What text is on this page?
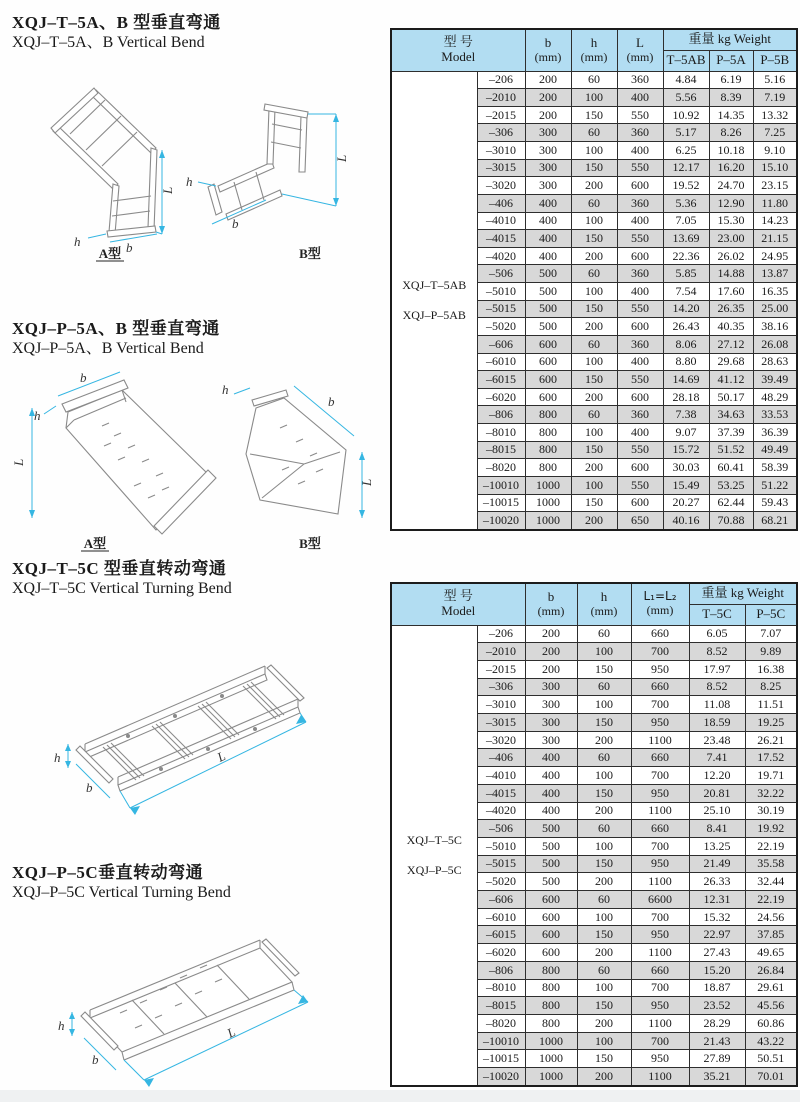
XQJ–T–5A、B 型垂直弯通
XQJ–T–5A、B Vertical Bend
XQJ–P–5A、B 型垂直弯通
XQJ–P–5A、B Vertical Bend
XQJ–T–5C 型垂直转动弯通
XQJ–T–5C Vertical Turning Bend
XQJ–P–5C垂直转动弯通
XQJ–P–5C Vertical Turning Bend
L
b
h
L
h
b
A型	B型
L
b
h
h
b
L
A型	B型
h
b
L
h
b
L
型 号
Model

b
(mm)

h
(mm)

L
(mm)
	重量 kg Weight
					T–5AB	P–5A	P–5B

XQJ–T–5AB
XQJ–P–5AB	–206	200	60	360	4.84	6.19	5.16
	–2010	200	100	400	5.56	8.39	7.19
	–2015	200	150	550	10.92	14.35	13.32
	–306	300	60	360	5.17	8.26	7.25
	–3010	300	100	400	6.25	10.18	9.10
	–3015	300	150	550	12.17	16.20	15.10
	–3020	300	200	600	19.52	24.70	23.15
	–406	400	60	360	5.36	12.90	11.80
	–4010	400	100	400	7.05	15.30	14.23
	–4015	400	150	550	13.69	23.00	21.15
	–4020	400	200	600	22.36	26.02	24.95
	–506	500	60	360	5.85	14.88	13.87
	–5010	500	100	400	7.54	17.60	16.35
	–5015	500	150	550	14.20	26.35	25.00
	–5020	500	200	600	26.43	40.35	38.16
	–606	600	60	360	8.06	27.12	26.08
	–6010	600	100	400	8.80	29.68	28.63
	–6015	600	150	550	14.69	41.12	39.49
	–6020	600	200	600	28.18	50.17	48.29
	–806	800	60	360	7.38	34.63	33.53
	–8010	800	100	400	9.07	37.39	36.39
	–8015	800	150	550	15.72	51.52	49.49
	–8020	800	200	600	30.03	60.41	58.39
	–10010	1000	100	550	15.49	53.25	51.22
	–10015	1000	150	600	20.27	62.44	59.43
	–10020	1000	200	650	40.16	70.88	68.21
型 号
Model

b
(mm)

h
(mm)

L₁=L₂
(mm)
	重量 kg Weight
					T–5C	P–5C

XQJ–T–5C
XQJ–P–5C	–206	200	60	660	6.05	7.07
	–2010	200	100	700	8.52	9.89
	–2015	200	150	950	17.97	16.38
	–306	300	60	660	8.52	8.25
	–3010	300	100	700	11.08	11.51
	–3015	300	150	950	18.59	19.25
	–3020	300	200	1100	23.48	26.21
	–406	400	60	660	7.41	17.52
	–4010	400	100	700	12.20	19.71
	–4015	400	150	950	20.81	32.22
	–4020	400	200	1100	25.10	30.19
	–506	500	60	660	8.41	19.92
	–5010	500	100	700	13.25	22.19
	–5015	500	150	950	21.49	35.58
	–5020	500	200	1100	26.33	32.44
	–606	600	60	6600	12.31	22.19
	–6010	600	100	700	15.32	24.56
	–6015	600	150	950	22.97	37.85
	–6020	600	200	1100	27.43	49.65
	–806	800	60	660	15.20	26.84
	–8010	800	100	700	18.87	29.61
	–8015	800	150	950	23.52	45.56
	–8020	800	200	1100	28.29	60.86
	–10010	1000	100	700	21.43	43.22
	–10015	1000	150	950	27.89	50.51
	–10020	1000	200	1100	35.21	70.01
